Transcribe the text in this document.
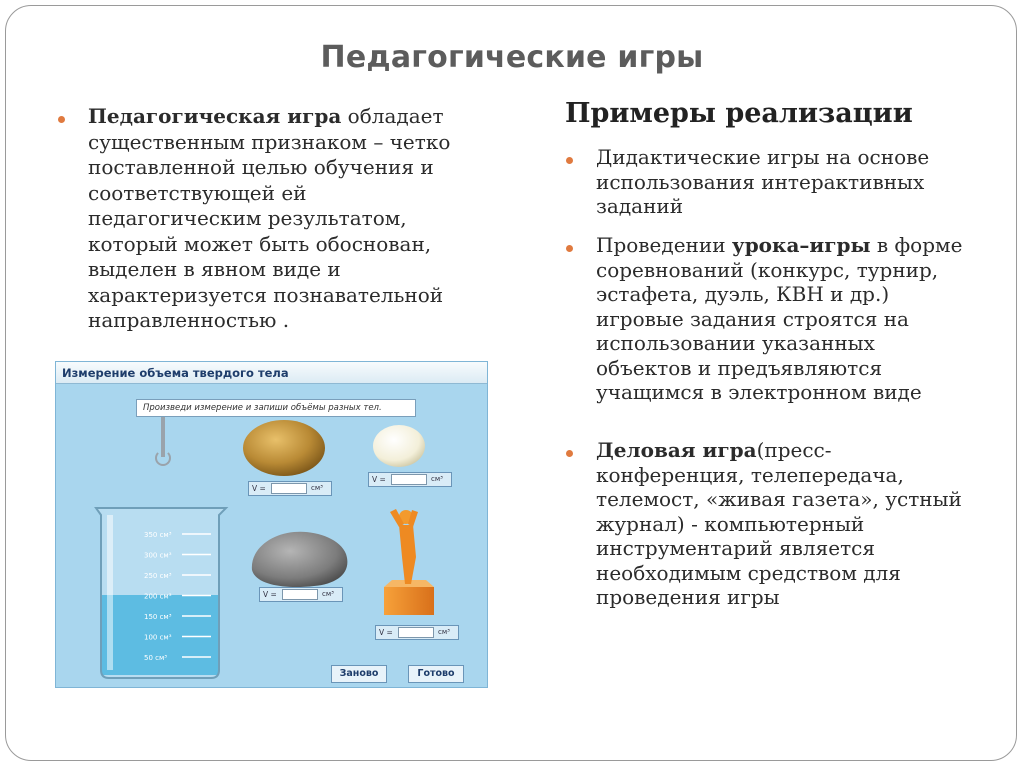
Педагогические игры
Педагогическая игра обладает существенным признаком – четко поставленной целью обучения и соответствующей ей педагогическим результатом, который может быть обоснован, выделен в явном виде и характеризуется познавательной направленностью .
Примеры реализации
Дидактические игры на основе использования интерактивных заданий
Проведении урока–игры в форме соревнований (конкурс, турнир, эстафета, дуэль, КВН и др.) игровые задания строятся на использовании указанных объектов и предъявляются учащимся в электронном виде
Деловая игра(пресс-конференция, телепередача, телемост, «живая газета», устный журнал) - компьютерный инструментарий является необходимым средством для проведения игры
Измерение объема твердого тела
Произведи измерение и запиши объёмы разных тел.
350 см³
300 см³
250 см³
200 см³
150 см³
100 см³
50 см³
V =	см³
V =	см³
V =	см³
V =	см³
Заново	Готово
